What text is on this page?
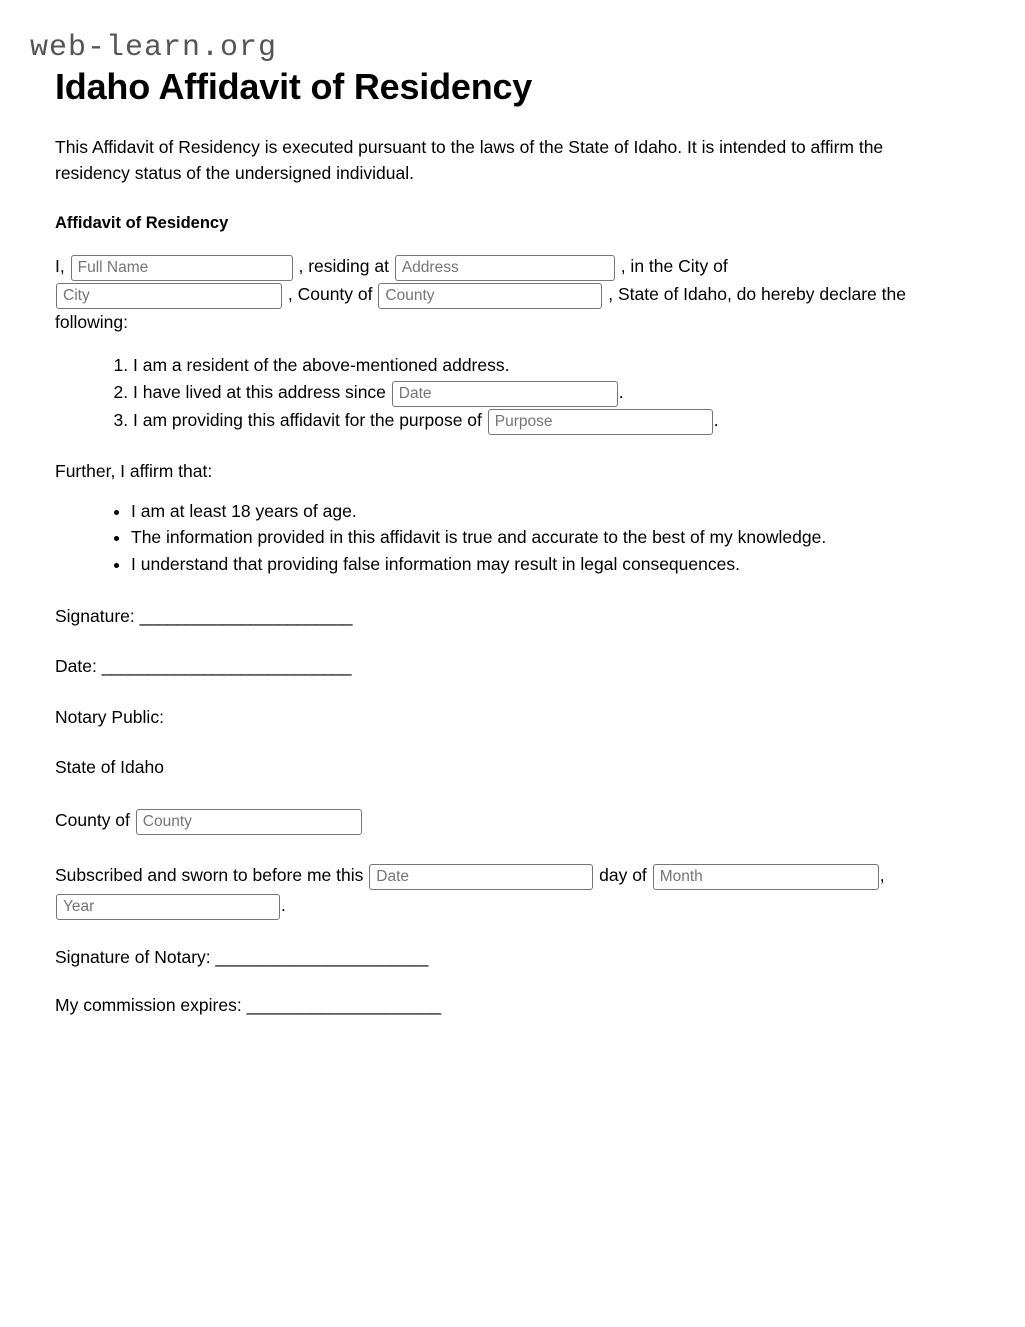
web-learn.org
Idaho Affidavit of Residency

This Affidavit of Residency is executed pursuant to the laws of the State of Idaho. It is intended to affirm the residency status of the undersigned individual.

Affidavit of Residency

I, Full Name	, residing at Address	, in the City of City , County of County	, State of Idaho, do hereby declare the following:

1. I am a resident of the above-mentioned address.
2. I have lived at this address since Date	.
3. I am providing this affidavit for the purpose of Purpose	.

Further, I affirm that:

• I am at least 18 years of age.
• The information provided in this affidavit is true and accurate to the best of my knowledge.
• I understand that providing false information may result in legal consequences.

Signature: _______________________

Date: ___________________________

Notary Public:

State of Idaho

County of County

Subscribed and sworn to before me this Date	day of Month	, Year.

Signature of Notary: _______________________

My commission expires: _____________________
